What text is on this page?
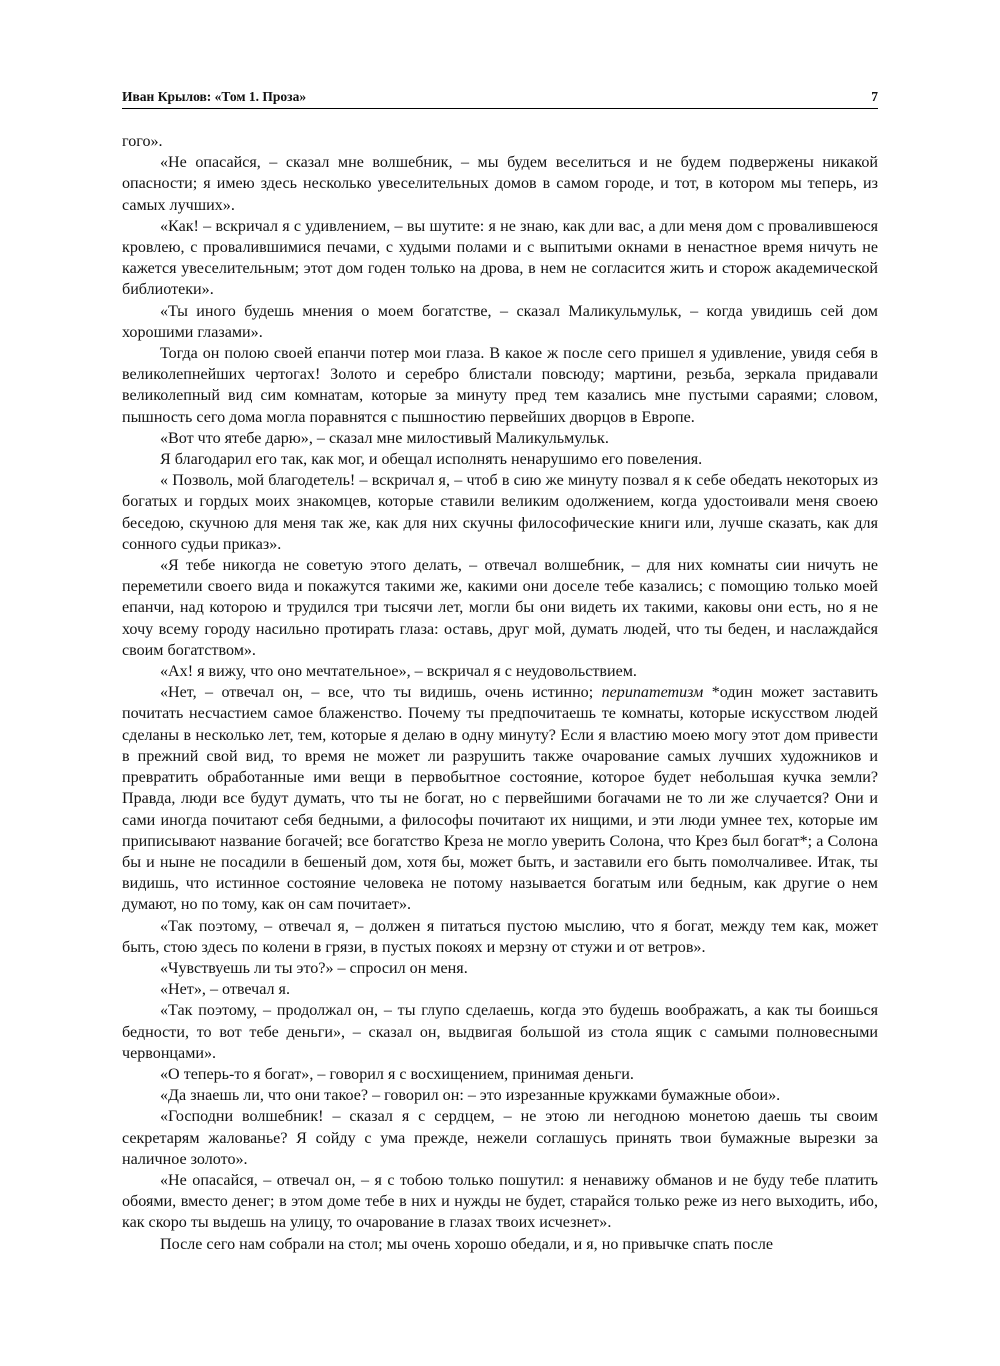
Иван Крылов: «Том 1. Проза»	7

гого».

«Не опасайся, – сказал мне волшебник, – мы будем веселиться и не будем подвержены никакой опасности; я имею здесь несколько увеселительных домов в самом городе, и тот, в котором мы теперь, из самых лучших».

«Как! – вскричал я с удивлением, – вы шутите: я не знаю, как дли вас, а дли меня дом с провалившеюся кровлею, с провалившимися печами, с худыми полами и с выпитыми окнами в ненастное время ничуть не кажется увеселительным; этот дом годен только на дрова, в нем не согласится жить и сторож академической библиотеки».

«Ты иного будешь мнения о моем богатстве, – сказал Маликульмульк, – когда увидишь сей дом хорошими глазами».

Тогда он полою своей епанчи потер мои глаза. В какое ж после сего пришел я удивление, увидя себя в великолепнейших чертогах! Золото и серебро блистали повсюду; мартини, резьба, зеркала придавали великолепный вид сим комнатам, которые за минуту пред тем казались мне пустыми сараями; словом, пышность сего дома могла поравнятся с пышностию первейших дворцов в Европе.

«Вот что ятебе дарю», – сказал мне милостивый Маликульмульк.

Я благодарил его так, как мог, и обещал исполнять ненарушимо его повеления.

« Позволь, мой благодетель! – вскричал я, – чтоб в сию же минуту позвал я к себе обедать некоторых из богатых и гордых моих знакомцев, которые ставили великим одолжением, когда удостоивали меня своею беседою, скучною для меня так же, как для них скучны философические книги или, лучше сказать, как для сонного судьи приказ».

«Я тебе никогда не советую этого делать, – отвечал волшебник, – для них комнаты сии ничуть не переметили своего вида и покажутся такими же, какими они доселе тебе казались; с помощию только моей епанчи, над которою и трудился три тысячи лет, могли бы они видеть их такими, каковы они есть, но я не хочу всему городу насильно протирать глаза: оставь, друг мой, думать людей, что ты беден, и наслаждайся своим богатством».

«Ах! я вижу, что оно мечтательное», – вскричал я с неудовольствием.

«Нет, – отвечал он, – все, что ты видишь, очень истинно; перипатетизм *один может заставить почитать несчастием самое блаженство. Почему ты предпочитаешь те комнаты, которые искусством людей сделаны в несколько лет, тем, которые я делаю в одну минуту? Если я властию моею могу этот дом привести в прежний свой вид, то время не может ли разрушить также очарование самых лучших художников и превратить обработанные ими вещи в первобытное состояние, которое будет небольшая кучка земли? Правда, люди все будут думать, что ты не богат, но с первейшими богачами не то ли же случается? Они и сами иногда почитают себя бедными, а философы почитают их нищими, и эти люди умнее тех, которые им приписывают название богачей; все богатство Креза не могло уверить Солона, что Крез был богат*; а Солона бы и ныне не посадили в бешеный дом, хотя бы, может быть, и заставили его быть помолчаливее. Итак, ты видишь, что истинное состояние человека не потому называется богатым или бедным, как другие о нем думают, но по тому, как он сам почитает».

«Так поэтому, – отвечал я, – должен я питаться пустою мыслию, что я богат, между тем как, может быть, стою здесь по колени в грязи, в пустых покоях и мерзну от стужи и от ветров».

«Чувствуешь ли ты это?» – спросил он меня.

«Нет», – отвечал я.

«Так поэтому, – продолжал он, – ты глупо сделаешь, когда это будешь воображать, а как ты боишься бедности, то вот тебе деньги», – сказал он, выдвигая большой из стола ящик с самыми полновесными червонцами».

«О теперь-то я богат», – говорил я с восхищением, принимая деньги.

«Да знаешь ли, что они такое? – говорил он: – это изрезанные кружками бумажные обои».

«Господни волшебник! – сказал я с сердцем, – не этою ли негодною монетою даешь ты своим секретарям жалованье? Я сойду с ума прежде, нежели соглашусь принять твои бумажные вырезки за наличное золото».

«Не опасайся, – отвечал он, – я с тобою только пошутил: я ненавижу обманов и не буду тебе платить обоями, вместо денег; в этом доме тебе в них и нужды не будет, старайся только реже из него выходить, ибо, как скоро ты выдешь на улицу, то очарование в глазах твоих исчезнет».

После сего нам собрали на стол; мы очень хорошо обедали, и я, но привычке спать после
